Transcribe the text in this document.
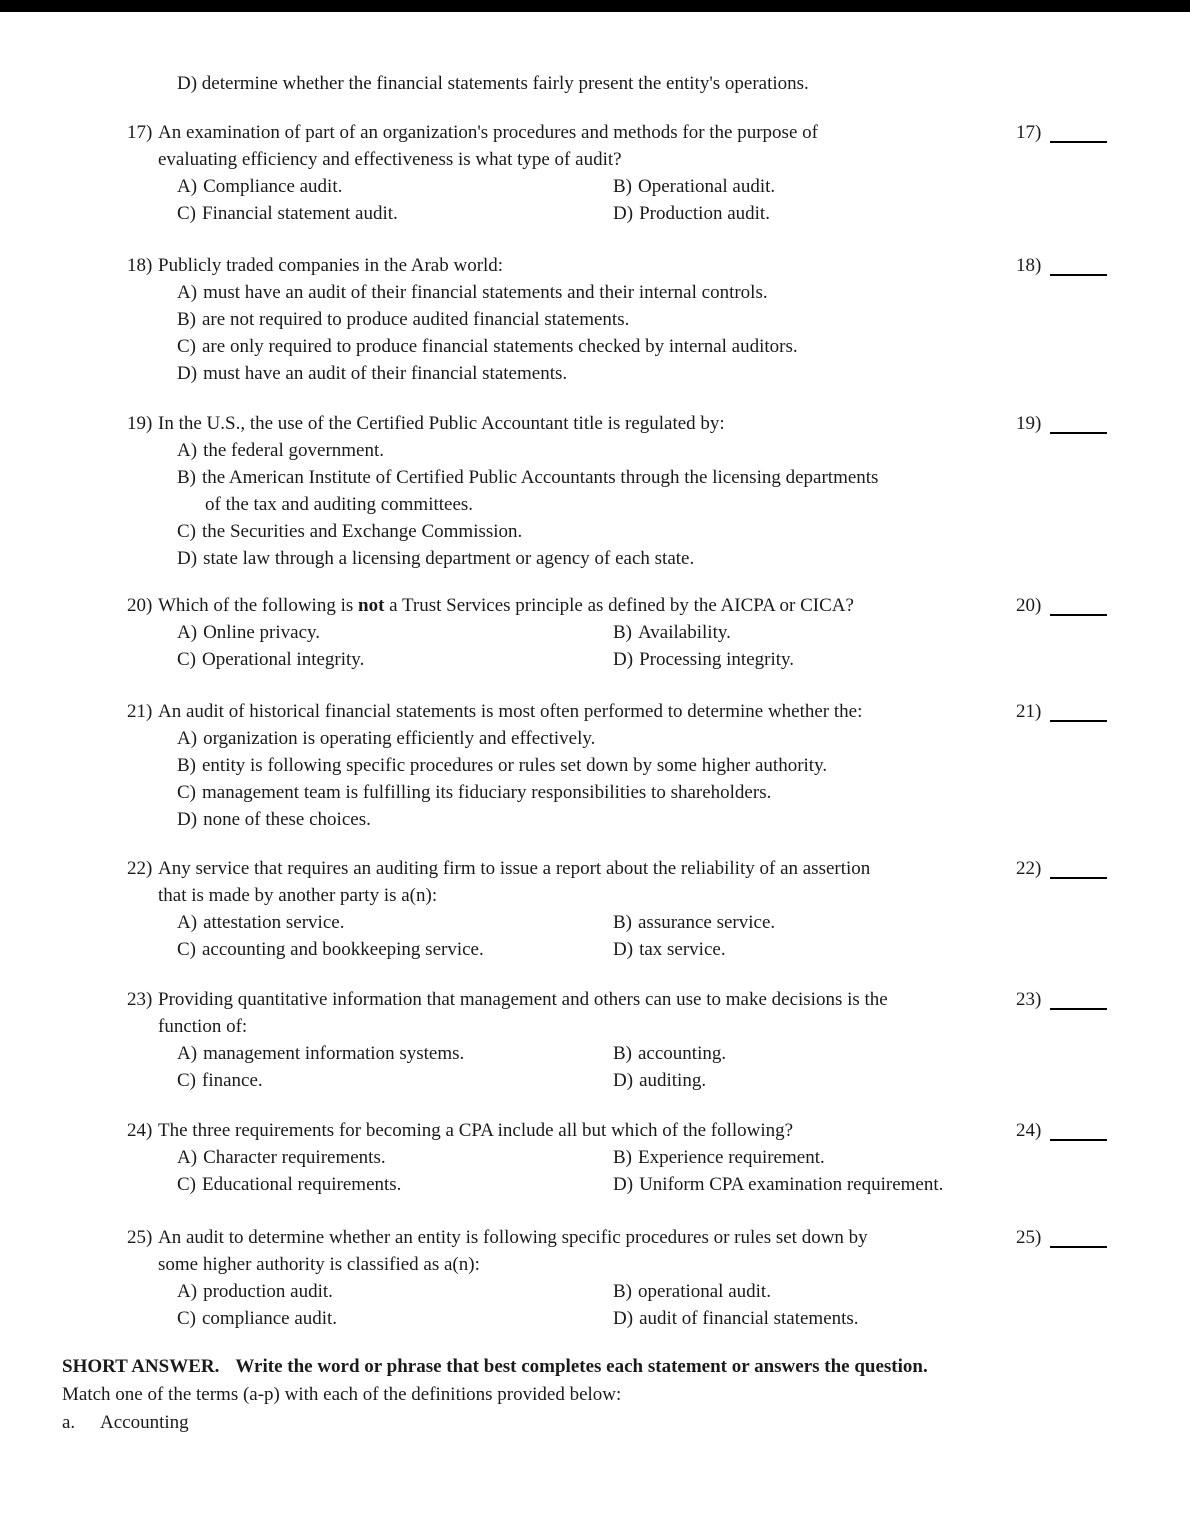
D) determine whether the financial statements fairly present the entity's operations.
17) An examination of part of an organization's procedures and methods for the purpose of
evaluating efficiency and effectiveness is what type of audit?
A) Compliance audit.	B) Operational audit.
C) Financial statement audit.	D) Production audit.
17)
18) Publicly traded companies in the Arab world:
A) must have an audit of their financial statements and their internal controls.
B) are not required to produce audited financial statements.
C) are only required to produce financial statements checked by internal auditors.
D) must have an audit of their financial statements.
18)
19) In the U.S., the use of the Certified Public Accountant title is regulated by:
A) the federal government.
B) the American Institute of Certified Public Accountants through the licensing departments
of the tax and auditing committees.
C) the Securities and Exchange Commission.
D) state law through a licensing department or agency of each state.
19)
20) Which of the following is not a Trust Services principle as defined by the AICPA or CICA?
A) Online privacy.	B) Availability.
C) Operational integrity.	D) Processing integrity.
20)
21) An audit of historical financial statements is most often performed to determine whether the:
A) organization is operating efficiently and effectively.
B) entity is following specific procedures or rules set down by some higher authority.
C) management team is fulfilling its fiduciary responsibilities to shareholders.
D) none of these choices.
21)
22) Any service that requires an auditing firm to issue a report about the reliability of an assertion
that is made by another party is a(n):
A) attestation service.	B) assurance service.
C) accounting and bookkeeping service.	D) tax service.
22)
23) Providing quantitative information that management and others can use to make decisions is the
function of:
A) management information systems.	B) accounting.
C) finance.	D) auditing.
23)
24) The three requirements for becoming a CPA include all but which of the following?
A) Character requirements.	B) Experience requirement.
C) Educational requirements.	D) Uniform CPA examination requirement.
24)
25) An audit to determine whether an entity is following specific procedures or rules set down by
some higher authority is classified as a(n):
A) production audit.	B) operational audit.
C) compliance audit.	D) audit of financial statements.
25)
SHORT ANSWER. Write the word or phrase that best completes each statement or answers the question.
Match one of the terms (a-p) with each of the definitions provided below:
a. Accounting
